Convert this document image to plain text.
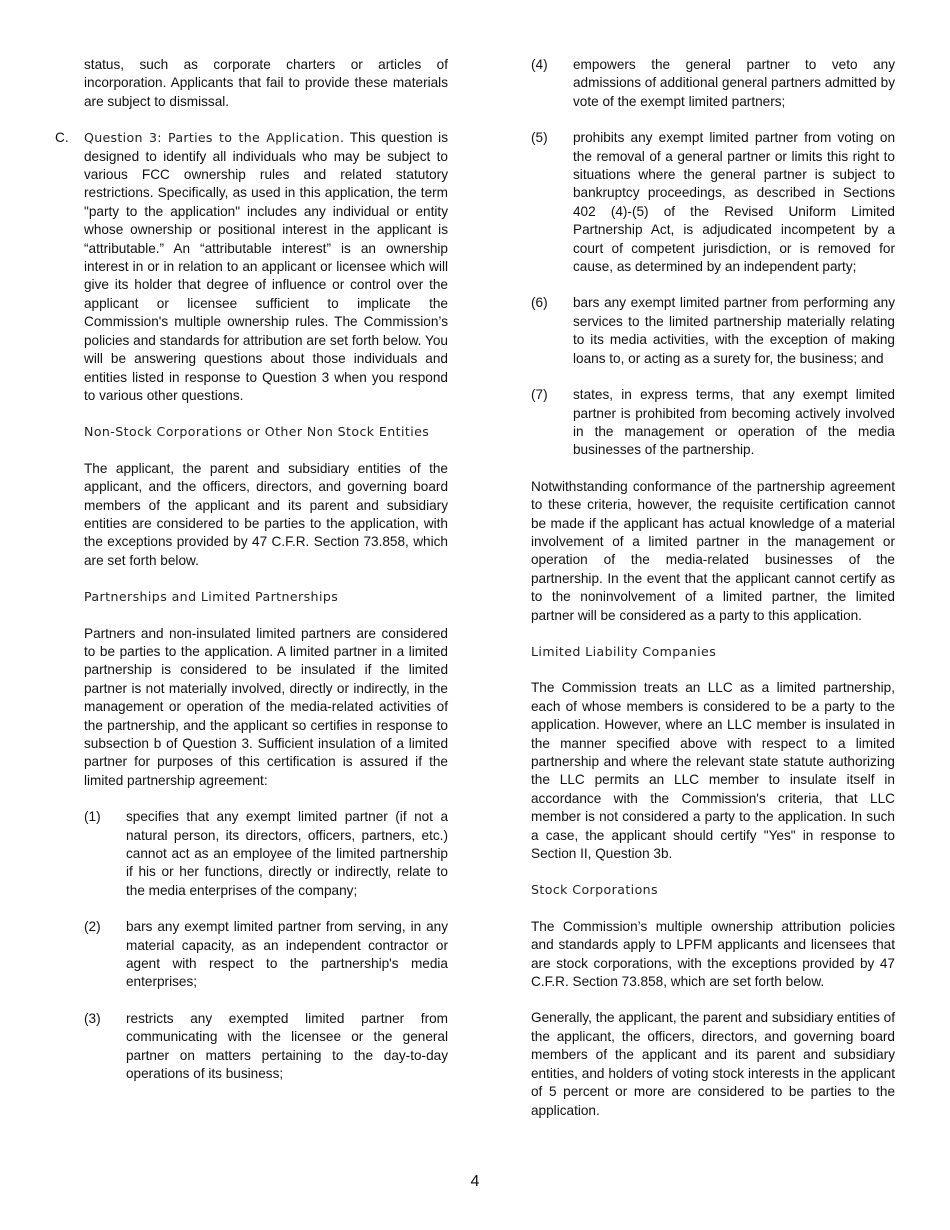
status, such as corporate charters or articles of incorporation. Applicants that fail to provide these materials are subject to dismissal.

C. Question 3: Parties to the Application. This question is designed to identify all individuals who may be subject to various FCC ownership rules and related statutory restrictions. Specifically, as used in this application, the term "party to the application" includes any individual or entity whose ownership or positional interest in the applicant is “attributable.” An “attributable interest” is an ownership interest in or in relation to an applicant or licensee which will give its holder that degree of influence or control over the applicant or licensee sufficient to implicate the Commission's multiple ownership rules. The Commission’s policies and standards for attribution are set forth below. You will be answering questions about those individuals and entities listed in response to Question 3 when you respond to various other questions.

Non-Stock Corporations or Other Non Stock Entities

The applicant, the parent and subsidiary entities of the applicant, and the officers, directors, and governing board members of the applicant and its parent and subsidiary entities are considered to be parties to the application, with the exceptions provided by 47 C.F.R. Section 73.858, which are set forth below.

Partnerships and Limited Partnerships

Partners and non-insulated limited partners are considered to be parties to the application. A limited partner in a limited partnership is considered to be insulated if the limited partner is not materially involved, directly or indirectly, in the management or operation of the media-related activities of the partnership, and the applicant so certifies in response to subsection b of Question 3. Sufficient insulation of a limited partner for purposes of this certification is assured if the limited partnership agreement:

(1) specifies that any exempt limited partner (if not a natural person, its directors, officers, partners, etc.) cannot act as an employee of the limited partnership if his or her functions, directly or indirectly, relate to the media enterprises of the company;

(2) bars any exempt limited partner from serving, in any material capacity, as an independent contractor or agent with respect to the partnership's media enterprises;

(3) restricts any exempted limited partner from communicating with the licensee or the general partner on matters pertaining to the day-to-day operations of its business;

(4) empowers the general partner to veto any admissions of additional general partners admitted by vote of the exempt limited partners;

(5) prohibits any exempt limited partner from voting on the removal of a general partner or limits this right to situations where the general partner is subject to bankruptcy proceedings, as described in Sections 402 (4)-(5) of the Revised Uniform Limited Partnership Act, is adjudicated incompetent by a court of competent jurisdiction, or is removed for cause, as determined by an independent party;

(6) bars any exempt limited partner from performing any services to the limited partnership materially relating to its media activities, with the exception of making loans to, or acting as a surety for, the business; and

(7) states, in express terms, that any exempt limited partner is prohibited from becoming actively involved in the management or operation of the media businesses of the partnership.

Notwithstanding conformance of the partnership agreement to these criteria, however, the requisite certification cannot be made if the applicant has actual knowledge of a material involvement of a limited partner in the management or operation of the media-related businesses of the partnership. In the event that the applicant cannot certify as to the noninvolvement of a limited partner, the limited partner will be considered as a party to this application.

Limited Liability Companies

The Commission treats an LLC as a limited partnership, each of whose members is considered to be a party to the application. However, where an LLC member is insulated in the manner specified above with respect to a limited partnership and where the relevant state statute authorizing the LLC permits an LLC member to insulate itself in accordance with the Commission's criteria, that LLC member is not considered a party to the application. In such a case, the applicant should certify "Yes" in response to Section II, Question 3b.

Stock Corporations

The Commission’s multiple ownership attribution policies and standards apply to LPFM applicants and licensees that are stock corporations, with the exceptions provided by 47 C.F.R. Section 73.858, which are set forth below.

Generally, the applicant, the parent and subsidiary entities of the applicant, the officers, directors, and governing board members of the applicant and its parent and subsidiary entities, and holders of voting stock interests in the applicant of 5 percent or more are considered to be parties to the application.

4
